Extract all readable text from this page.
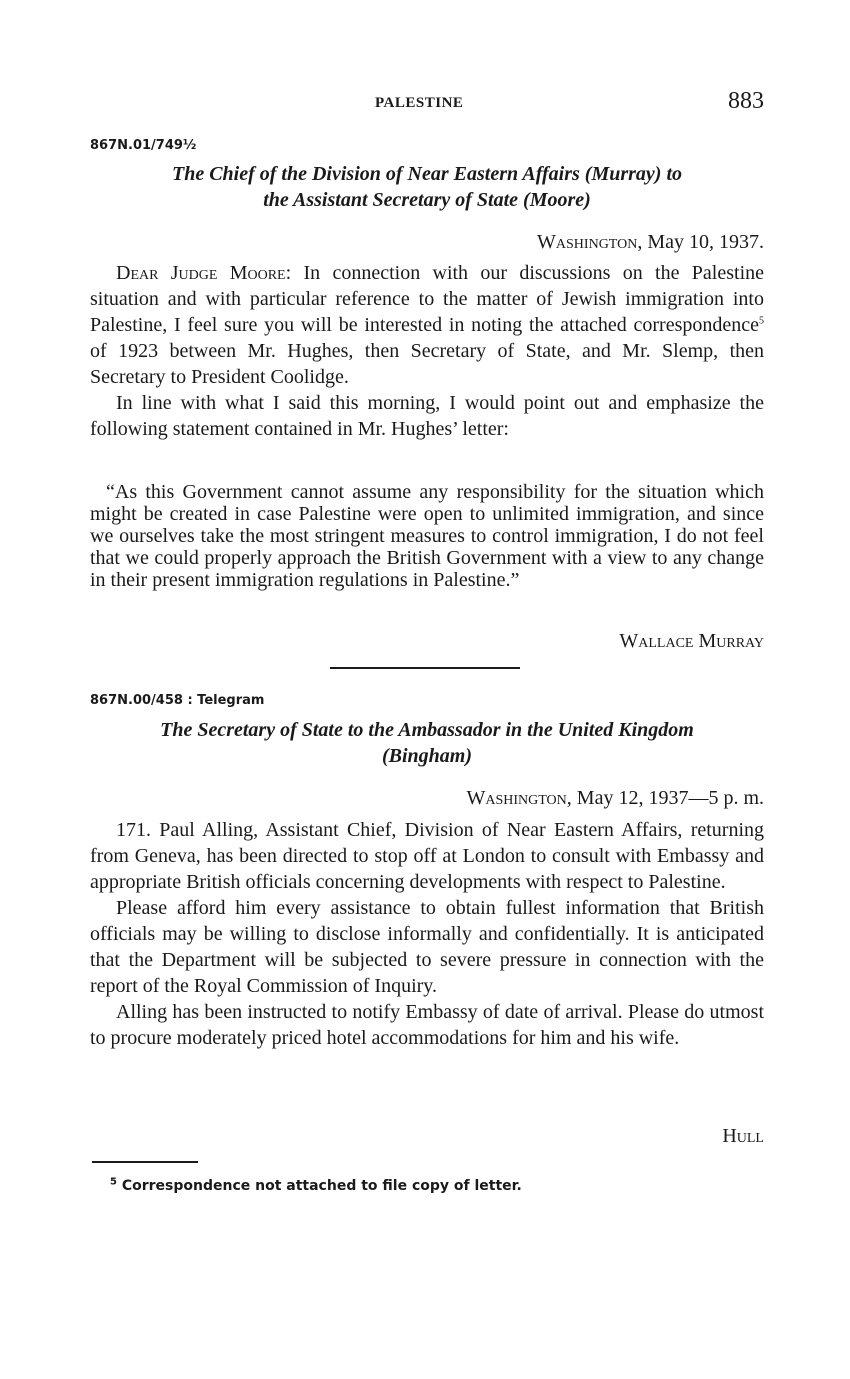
PALESTINE	883
867N.01/749½
The Chief of the Division of Near Eastern Affairs (Murray) to
the Assistant Secretary of State (Moore)
Washington, May 10, 1937.

Dear Judge Moore: In connection with our discussions on the Palestine situation and with particular reference to the matter of Jewish immigration into Palestine, I feel sure you will be interested in noting the attached correspondence$^5$ of 1923 between Mr. Hughes, then Secretary of State, and Mr. Slemp, then Secretary to President Coolidge.

In line with what I said this morning, I would point out and emphasize the following statement contained in Mr. Hughes’ letter:

“As this Government cannot assume any responsibility for the situation which might be created in case Palestine were open to unlimited immigration, and since we ourselves take the most stringent measures to control immigration, I do not feel that we could properly approach the British Government with a view to any change in their present immigration regulations in Palestine.”

Wallace Murray
867N.00/458 : Telegram
The Secretary of State to the Ambassador in the United Kingdom
(Bingham)
Washington, May 12, 1937—5 p. m.

171. Paul Alling, Assistant Chief, Division of Near Eastern Affairs, returning from Geneva, has been directed to stop off at London to consult with Embassy and appropriate British officials concerning developments with respect to Palestine.

Please afford him every assistance to obtain fullest information that British officials may be willing to disclose informally and confidentially. It is anticipated that the Department will be subjected to severe pressure in connection with the report of the Royal Commission of Inquiry.

Alling has been instructed to notify Embassy of date of arrival. Please do utmost to procure moderately priced hotel accommodations for him and his wife.

Hull
$^5$ Correspondence not attached to file copy of letter.
